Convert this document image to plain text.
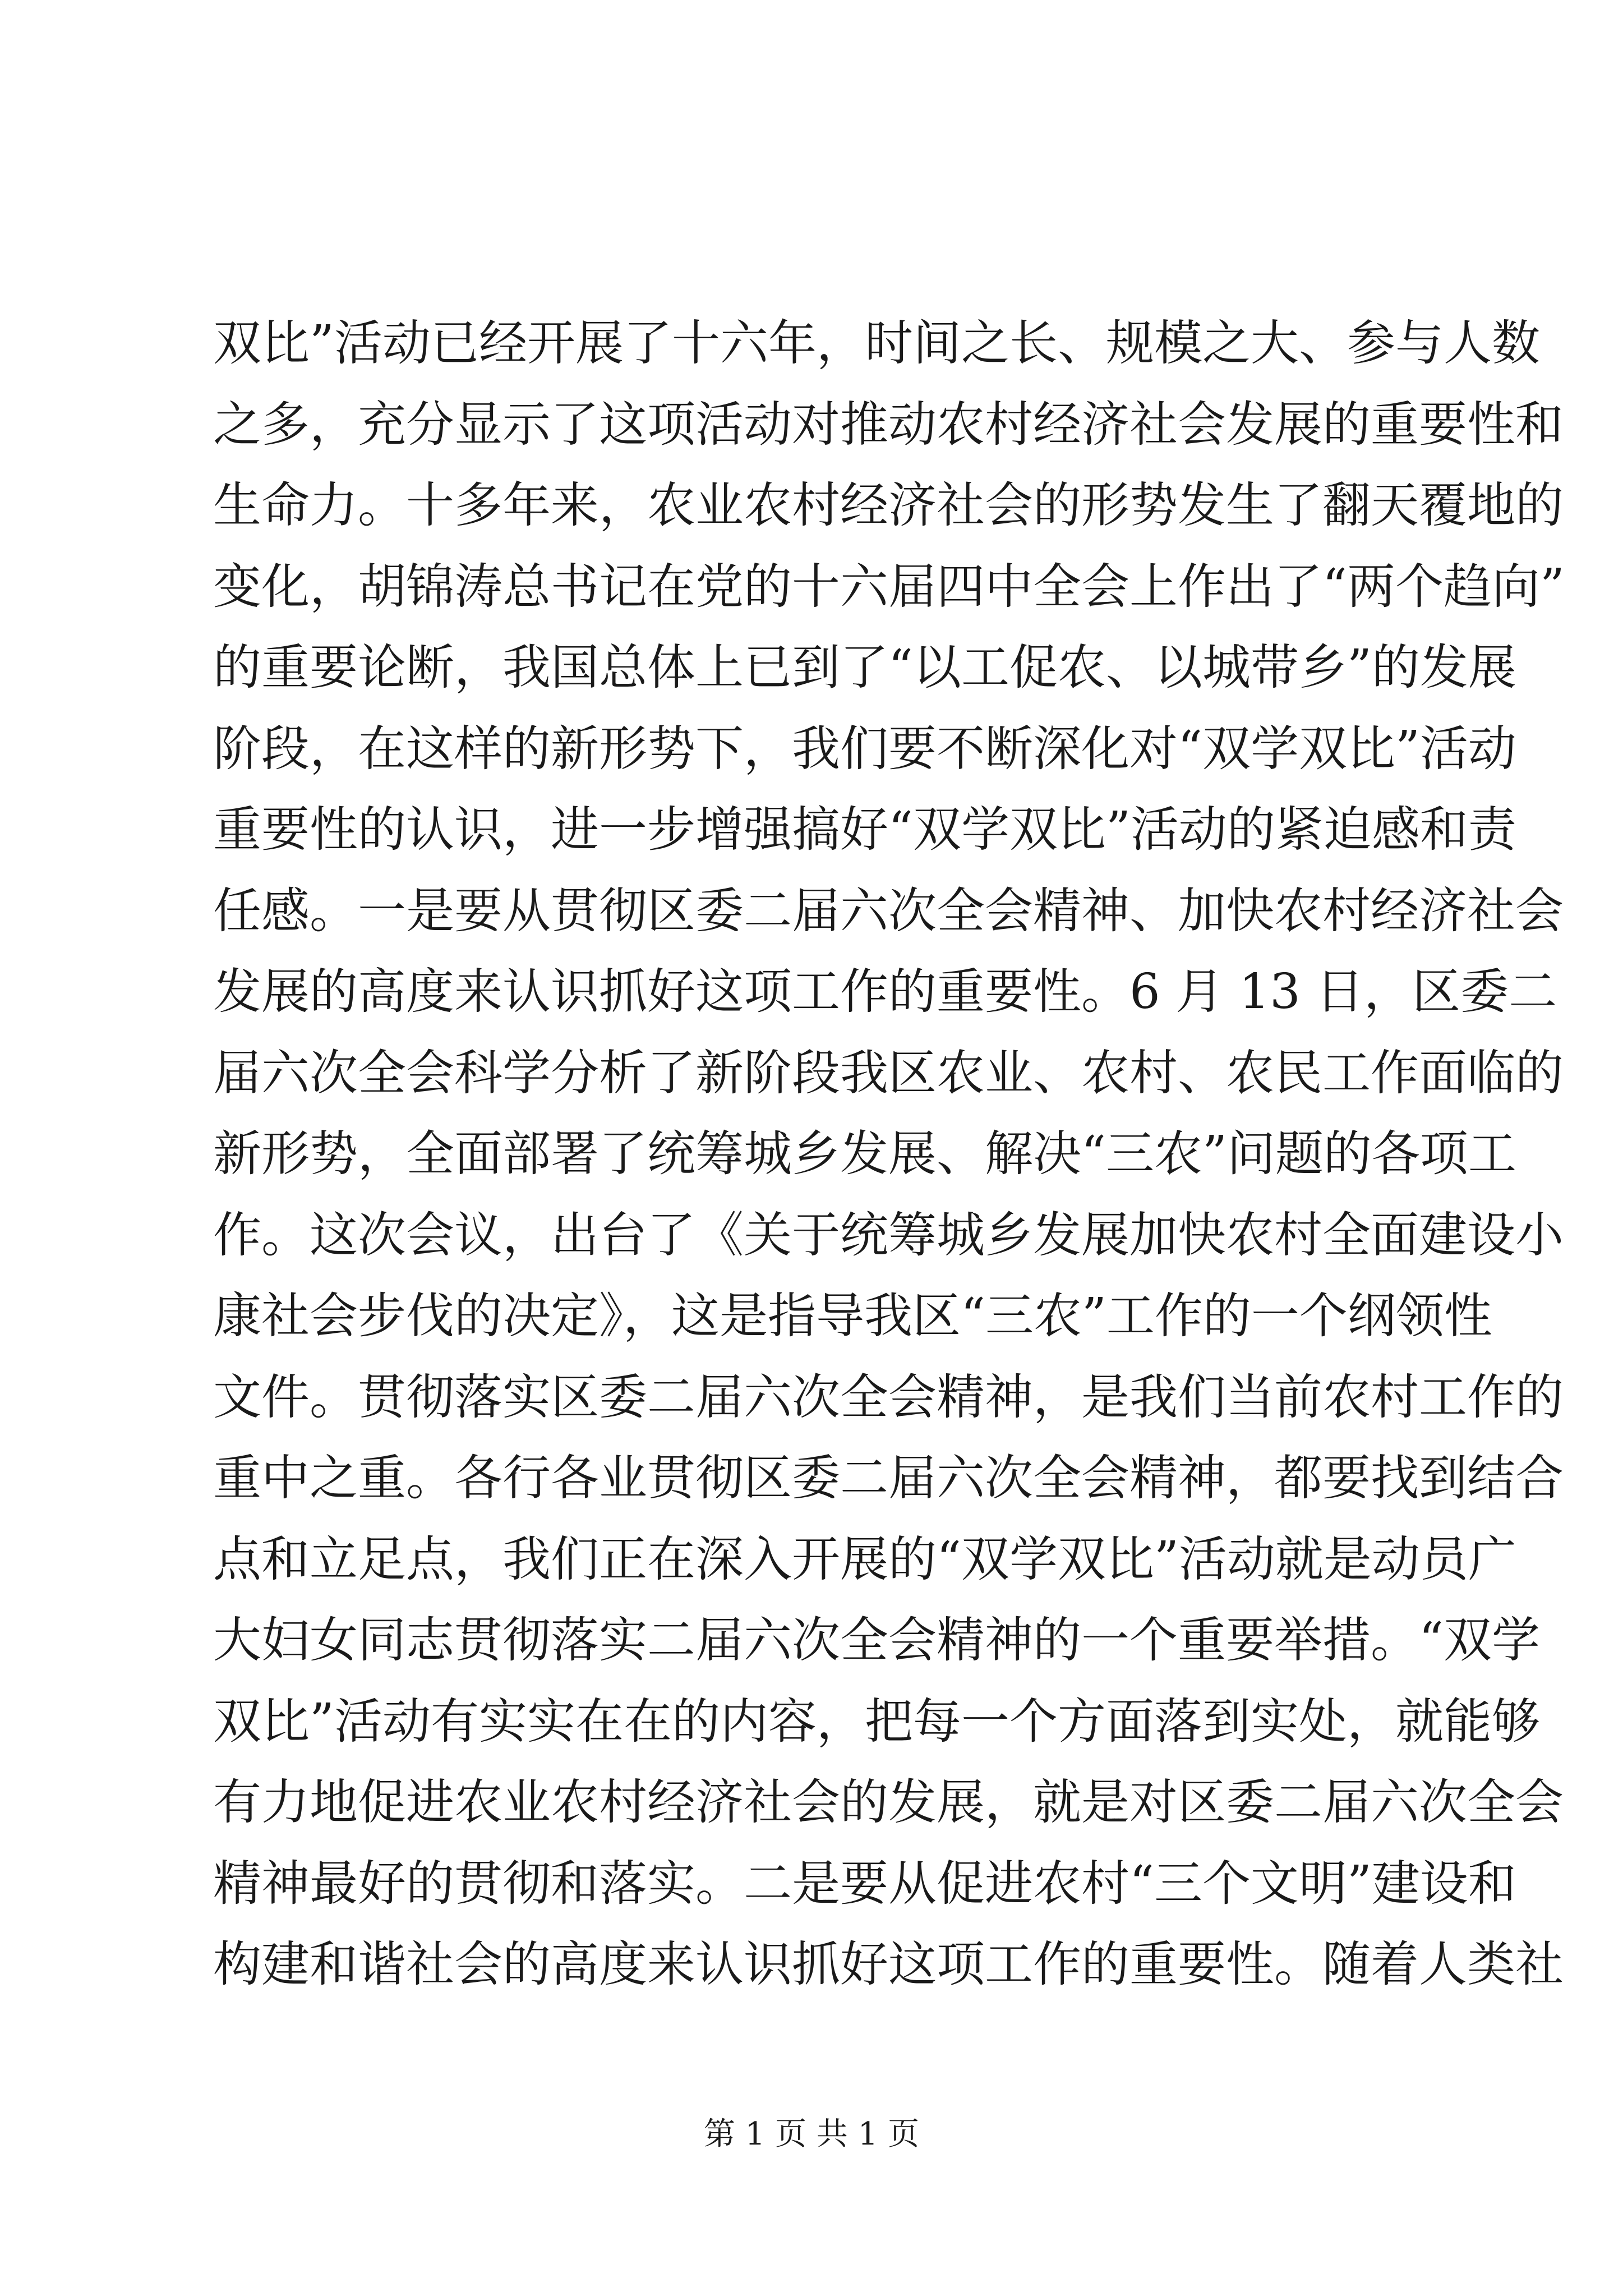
双比”活动已经开展了十六年，时间之长、规模之大、参与人数
之多，充分显示了这项活动对推动农村经济社会发展的重要性和
生命力。十多年来，农业农村经济社会的形势发生了翻天覆地的
变化，胡锦涛总书记在党的十六届四中全会上作出了“两个趋向”
的重要论断，我国总体上已到了“以工促农、以城带乡”的发展
阶段，在这样的新形势下，我们要不断深化对“双学双比”活动
重要性的认识，进一步增强搞好“双学双比”活动的紧迫感和责
任感。一是要从贯彻区委二届六次全会精神、加快农村经济社会
发展的高度来认识抓好这项工作的重要性。6 月 13 日，区委二
届六次全会科学分析了新阶段我区农业、农村、农民工作面临的
新形势，全面部署了统筹城乡发展、解决“三农”问题的各项工
作。这次会议，出台了《关于统筹城乡发展加快农村全面建设小
康社会步伐的决定》，这是指导我区“三农”工作的一个纲领性
文件。贯彻落实区委二届六次全会精神，是我们当前农村工作的
重中之重。各行各业贯彻区委二届六次全会精神，都要找到结合
点和立足点，我们正在深入开展的“双学双比”活动就是动员广
大妇女同志贯彻落实二届六次全会精神的一个重要举措。“双学
双比”活动有实实在在的内容，把每一个方面落到实处，就能够
有力地促进农业农村经济社会的发展，就是对区委二届六次全会
精神最好的贯彻和落实。二是要从促进农村“三个文明”建设和
构建和谐社会的高度来认识抓好这项工作的重要性。随着人类社
第 1 页 共 1 页
